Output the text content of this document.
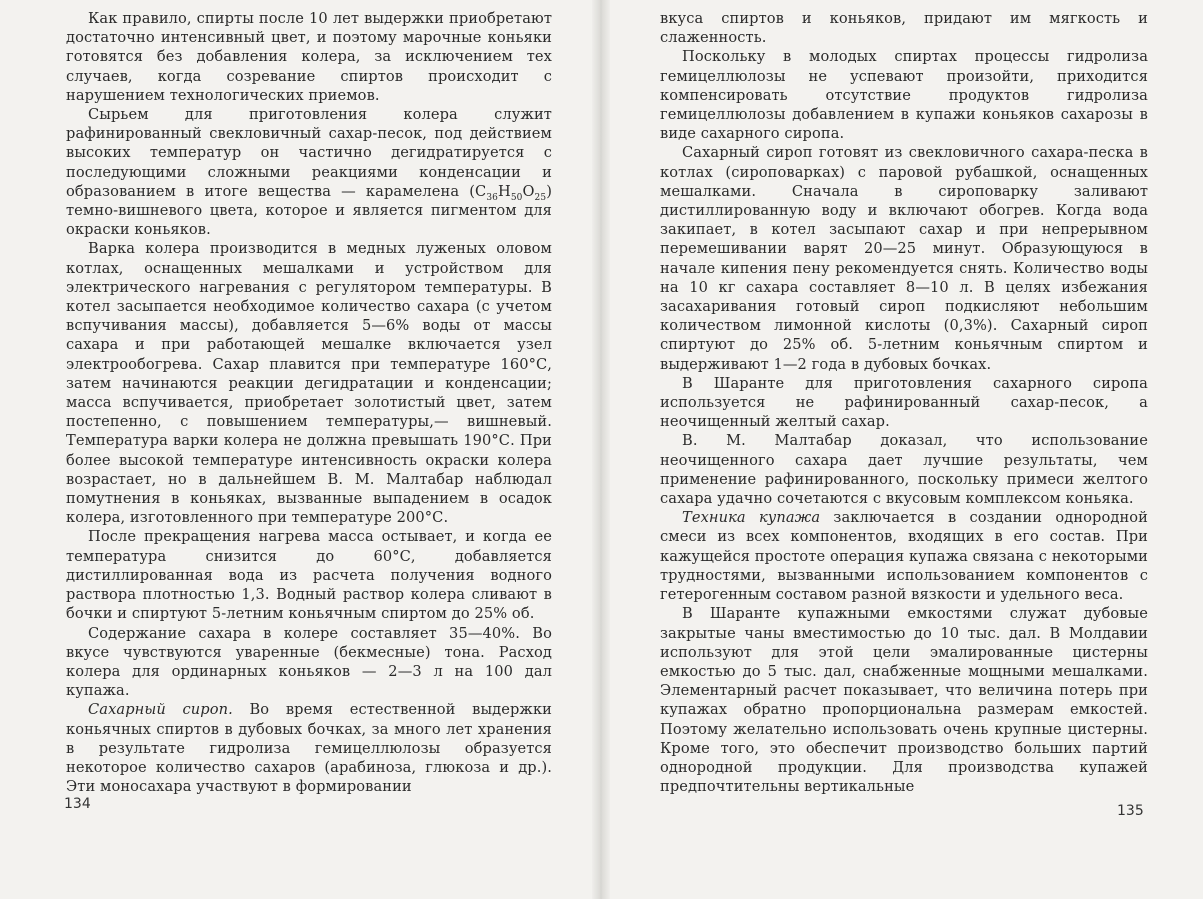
Как правило, спирты после 10 лет выдержки приобретают достаточно интенсивный цвет, и поэтому марочные коньяки готовятся без добавления колера, за исключением тех случаев, когда созревание спиртов происходит с нарушением технологических приемов.

Сырьем для приготовления колера служит рафинированный свекловичный сахар-песок, под действием высоких температур он частично дегидратируется с последующими сложными реакциями конденсации и образованием в итоге вещества — карамелена $(C_{36}H_{50}O_{25})$ темно-вишневого цвета, которое и является пигментом для окраски коньяков.

Варка колера производится в медных луженых оловом котлах, оснащенных мешалками и устройством для электрического нагревания с регулятором температуры. В котел засыпается необходимое количество сахара (с учетом вспучивания массы), добавляется 5—6% воды от массы сахара и при работающей мешалке включается узел электрообогрева. Сахар плавится при температуре 160°С, затем начинаются реакции дегидратации и конденсации; масса вспучивается, приобретает золотистый цвет, затем постепенно, с повышением температуры,— вишневый. Температура варки колера не должна превышать 190°С. При более высокой температуре интенсивность окраски колера возрастает, но в дальнейшем В. М. Малтабар наблюдал помутнения в коньяках, вызванные выпадением в осадок колера, изготовленного при температуре 200°С.

После прекращения нагрева масса остывает, и когда ее температура снизится до 60°С, добавляется дистиллированная вода из расчета получения водного раствора плотностью 1,3. Водный раствор колера сливают в бочки и спиртуют 5-летним коньячным спиртом до 25% об.

Содержание сахара в колере составляет 35—40%. Во вкусе чувствуются уваренные (бекмесные) тона. Расход колера для ординарных коньяков — 2—3 л на 100 дал купажа.

Сахарный сироп. Во время естественной выдержки коньячных спиртов в дубовых бочках, за много лет хранения в результате гидролиза гемицеллюлозы образуется некоторое количество сахаров (арабиноза, глюкоза и др.). Эти моносахара участвуют в формировании

134

вкуса спиртов и коньяков, придают им мягкость и слаженность.

Поскольку в молодых спиртах процессы гидролиза гемицеллюлозы не успевают произойти, приходится компенсировать отсутствие продуктов гидролиза гемицеллюлозы добавлением в купажи коньяков сахарозы в виде сахарного сиропа.

Сахарный сироп готовят из свекловичного сахара-песка в котлах (сироповарках) с паровой рубашкой, оснащенных мешалками. Сначала в сироповарку заливают дистиллированную воду и включают обогрев. Когда вода закипает, в котел засыпают сахар и при непрерывном перемешивании варят 20—25 минут. Образующуюся в начале кипения пену рекомендуется снять. Количество воды на 10 кг сахара составляет 8—10 л. В целях избежания засахаривания готовый сироп подкисляют небольшим количеством лимонной кислоты (0,3%). Сахарный сироп спиртуют до 25% об. 5-летним коньячным спиртом и выдерживают 1—2 года в дубовых бочках.

В Шаранте для приготовления сахарного сиропа используется не рафинированный сахар-песок, а неочищенный желтый сахар.

В. М. Малтабар доказал, что использование неочищенного сахара дает лучшие результаты, чем применение рафинированного, поскольку примеси желтого сахара удачно сочетаются с вкусовым комплексом коньяка.

Техника купажа заключается в создании однородной смеси из всех компонентов, входящих в его состав. При кажущейся простоте операция купажа связана с некоторыми трудностями, вызванными использованием компонентов с гетерогенным составом разной вязкости и удельного веса.

В Шаранте купажными емкостями служат дубовые закрытые чаны вместимостью до 10 тыс. дал. В Молдавии используют для этой цели эмалированные цистерны емкостью до 5 тыс. дал, снабженные мощными мешалками. Элементарный расчет показывает, что величина потерь при купажах обратно пропорциональна размерам емкостей. Поэтому желательно использовать очень крупные цистерны. Кроме того, это обеспечит производство больших партий однородной продукции. Для производства купажей предпочтительны вертикальные

135
